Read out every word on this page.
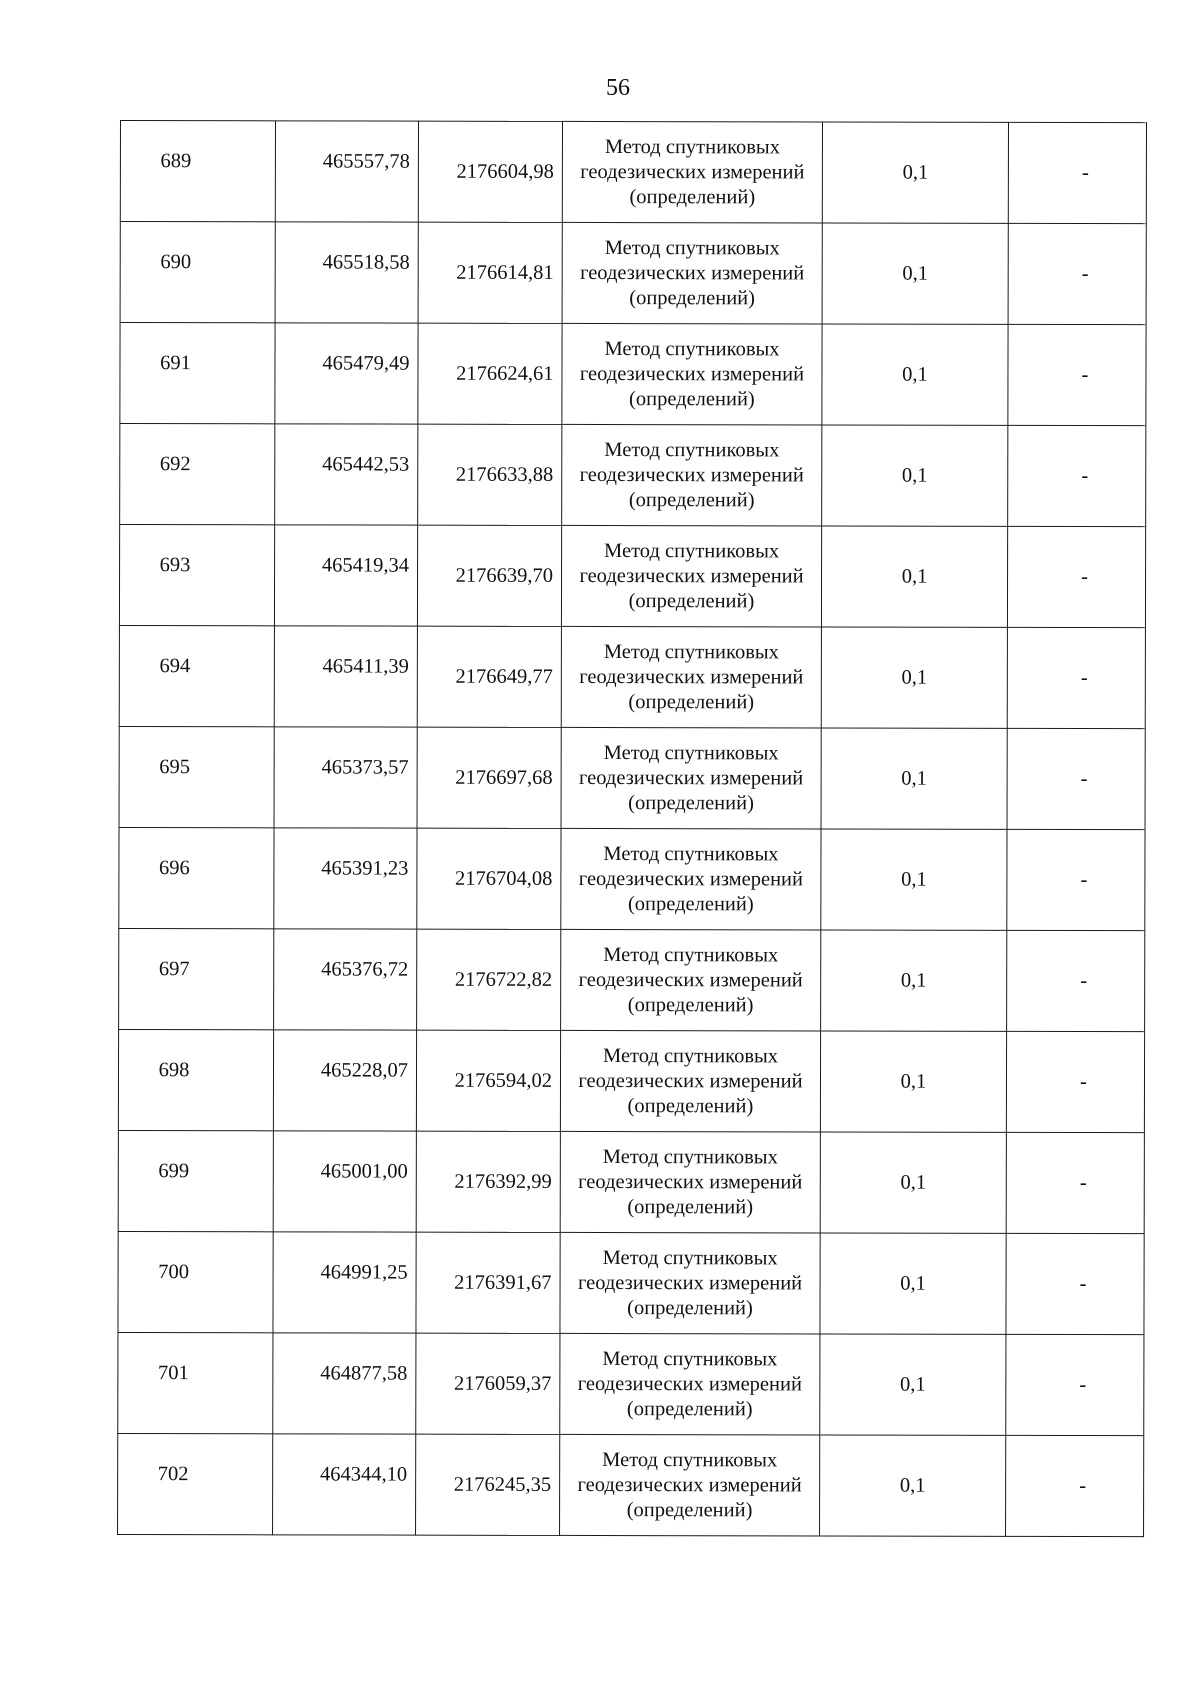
56
689	465557,78	2176604,98	Метод спутниковых
геодезических измерений
(определений)	0,1	-
690	465518,58	2176614,81	Метод спутниковых
геодезических измерений
(определений)	0,1	-
691	465479,49	2176624,61	Метод спутниковых
геодезических измерений
(определений)	0,1	-
692	465442,53	2176633,88	Метод спутниковых
геодезических измерений
(определений)	0,1	-
693	465419,34	2176639,70	Метод спутниковых
геодезических измерений
(определений)	0,1	-
694	465411,39	2176649,77	Метод спутниковых
геодезических измерений
(определений)	0,1	-
695	465373,57	2176697,68	Метод спутниковых
геодезических измерений
(определений)	0,1	-
696	465391,23	2176704,08	Метод спутниковых
геодезических измерений
(определений)	0,1	-
697	465376,72	2176722,82	Метод спутниковых
геодезических измерений
(определений)	0,1	-
698	465228,07	2176594,02	Метод спутниковых
геодезических измерений
(определений)	0,1	-
699	465001,00	2176392,99	Метод спутниковых
геодезических измерений
(определений)	0,1	-
700	464991,25	2176391,67	Метод спутниковых
геодезических измерений
(определений)	0,1	-
701	464877,58	2176059,37	Метод спутниковых
геодезических измерений
(определений)	0,1	-
702	464344,10	2176245,35	Метод спутниковых
геодезических измерений
(определений)	0,1	-
